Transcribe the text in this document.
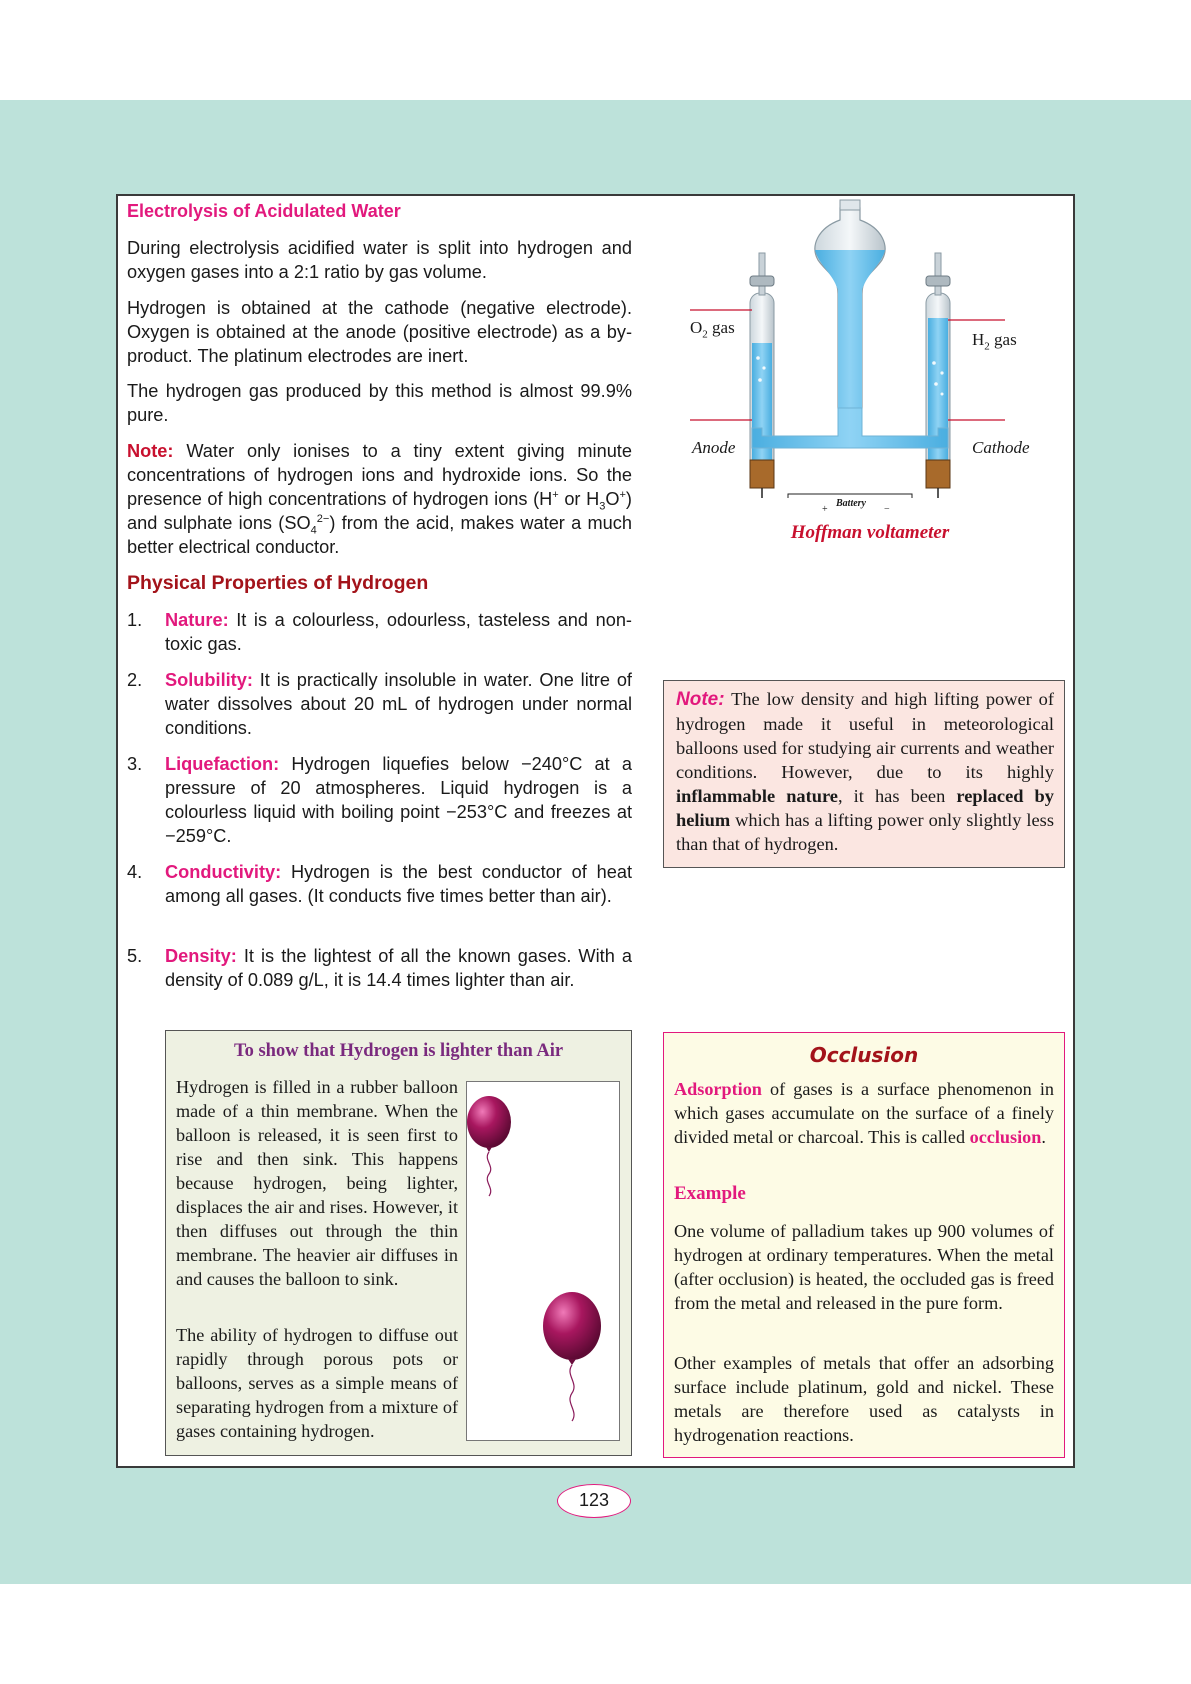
Electrolysis of Acidulated Water

During electrolysis acidified water is split into hydrogen and oxygen gases into a 2:1 ratio by gas volume.

Hydrogen is obtained at the cathode (negative electrode). Oxygen is obtained at the anode (positive electrode) as a by-product. The platinum electrodes are inert.

The hydrogen gas produced by this method is almost 99.9% pure.

Note: Water only ionises to a tiny extent giving minute concentrations of hydrogen ions and hydroxide ions. So the presence of high concentrations of hydrogen ions (H+ or $H_3O^+$) and sulphate ions $(SO_4^{2-})$ from the acid, makes water a much better electrical conductor.

$O_2$ gas
$H_2$ gas
Anode	Cathode
Battery
+	−
Hoffman voltameter
Physical Properties of Hydrogen
1. Nature: It is a colourless, odourless, tasteless and non-toxic gas.

2. Solubility: It is practically insoluble in water. One litre of water dissolves about 20 mL of hydrogen under normal conditions.

3. Liquefaction: Hydrogen liquefies below −240°C at a pressure of 20 atmospheres. Liquid hydrogen is a colourless liquid with boiling point −253°C and freezes at −259°C.

4. Conductivity: Hydrogen is the best conductor of heat among all gases. (It conducts five times better than air).

5. Density: It is the lightest of all the known gases. With a density of 0.089 g/L, it is 14.4 times lighter than air.

Note: The low density and high lifting power of hydrogen made it useful in meteorological balloons used for studying air currents and weather conditions. However, due to its highly inflammable nature, it has been replaced by helium which has a lifting power only slightly less than that of hydrogen.
To show that Hydrogen is lighter than Air

Hydrogen is filled in a rubber balloon made of a thin membrane. When the balloon is released, it is seen first to rise and then sink. This happens because hydrogen, being lighter, displaces the air and rises. However, it then diffuses out through the thin membrane. The heavier air diffuses in and causes the balloon to sink.

The ability of hydrogen to diffuse out rapidly through porous pots or balloons, serves as a simple means of separating hydrogen from a mixture of gases containing hydrogen.

Occlusion

Adsorption of gases is a surface phenomenon in which gases accumulate on the surface of a finely divided metal or charcoal. This is called occlusion.

Example

One volume of palladium takes up 900 volumes of hydrogen at ordinary temperatures. When the metal (after occlusion) is heated, the occluded gas is freed from the metal and released in the pure form.

Other examples of metals that offer an adsorbing surface include platinum, gold and nickel. These metals are therefore used as catalysts in hydrogenation reactions.

123
